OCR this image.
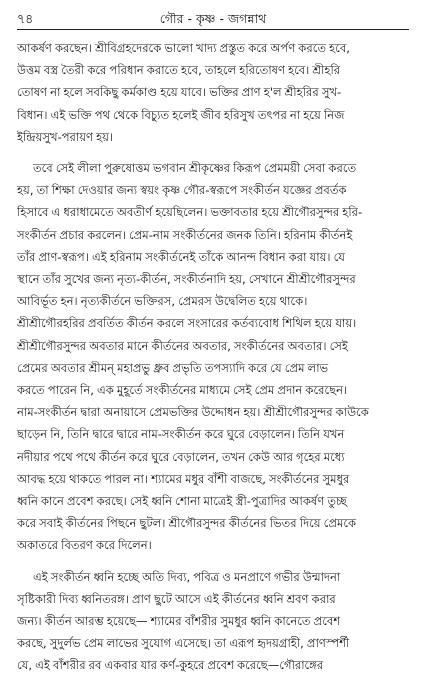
৭৪	গৌর - কৃষ্ণ - জগন্নাথ

আকর্ষণ করছেন। শ্রীবিগ্রহদেরকে ভালো খাদ্য প্রস্তুত করে অর্পণ করতে হবে,
উত্তম বস্ত্র তৈরী করে পরিধান করাতে হবে, তাহলে হরিতোষণ হবে। শ্রীহরি
তোষণ না হলে সবকিছু কর্মকাণ্ড হয়ে যাবে। ভক্তির প্রাণ হ'ল শ্রীহরির সুখ-
বিধান। এই ভক্তি পথ থেকে বিচ্যুত হলেই জীব হরিসুখ তৎপর না হয়ে নিজ
ইন্দ্রিয়সুখ-পরায়ণ হয়।

তবে সেই লীলা পুরুষোত্তম ভগবান শ্রীকৃষ্ণের কিরূপ প্রেমময়ী সেবা করতে
হয়, তা শিক্ষা দেওয়ার জন্য স্বয়ং কৃষ্ণ গৌর-স্বরূপে সংকীর্তন যজ্ঞের প্রবর্তক
হিসাবে এ ধরাধামেতে অবতীর্ণ হয়েছিলেন। ভক্তাবতার হয়ে শ্রীগৌরসুন্দর হরি-
সংকীর্তন প্রচার করলেন। প্রেম-নাম সংকীর্তনের জনক তিনি। হরিনাম কীর্তনই
তাঁর প্রাণ-স্বরূপ। এই হরিনাম সংকীর্তনেই তাঁকে আনন্দ বিধান করা যায়। যে
স্থানে তাঁর সুখের জন্য নৃত্য-কীর্তন, সংকীর্তনাদি হয়, সেখানে শ্রীশ্রীগৌরসুন্দর
আবির্ভূত হন। নৃত্যকীর্তনে ভক্তিরস, প্রেমরস উদ্বেলিত হয়ে থাকে।
শ্রীশ্রীগৌরহরির প্রবর্তিত কীর্তন করলে সংসারের কর্তব্যবোধ শিথিল হয়ে যায়।
শ্রীশ্রীগৌরসুন্দর অবতার মানে কীর্তনের অবতার, সংকীর্তনের অবতার। সেই
প্রেমের অবতার শ্রীমন্ মহাপ্রভু ধ্রুব প্রভৃতি তপস্যাদি করে যে প্রেম লাভ
করতে পারেন নি, এক মুহূর্তে সংকীর্তনের মাধ্যমে সেই প্রেম প্রদান করেছেন।
নাম-সংকীর্তন দ্বারা অনায়াসে প্রেমভক্তির উদ্দোধন হয়। শ্রীশ্রীগৌরসুন্দর কাউকে
ছাড়েন নি, তিনি দ্বারে দ্বারে নাম-সংকীর্তন করে ঘুরে বেড়ালেন। তিনি যখন
নদীয়ার পথে পথে কীর্তন করে ঘুরে বেড়ালেন, তখন কেউ আর গৃহের মধ্যে
আবদ্ধ হয়ে থাকতে পারল না। শ্যামের মধুর বাঁশী বাজছে, সংকীর্তনের সুমধুর
ধ্বনি কানে প্রবেশ করছে। সেই ধ্বনি শোনা মাত্রেই স্ত্রী-পুত্রাদির আকর্ষণ তুচ্ছ
করে সবাই কীর্তনের পিছনে ছুটল। শ্রীগৌরসুন্দর কীর্তনের ভিতর দিয়ে প্রেমকে
অকাতরে বিতরণ করে দিলেন।

এই সংকীর্তন ধ্বনি হচ্ছে অতি দিব্য, পবিত্র ও মনপ্রাণে গভীর উন্মাদনা
সৃষ্টিকারী দিব্য ধ্বনিতরঙ্গ। প্রাণ ছুটে আসে এই কীর্তনের ধ্বনি শ্রবণ করার
জন্য। কীর্তন আরম্ভ হয়েছে— শ্যামের বাঁশরীর সুমধুর ধ্বনি কানেতে প্রবেশ
করছে, সুদুর্লভ প্রেম লাভের সুযোগ এসেছে। তা এরূপ হৃদয়গ্রাহী, প্রাণস্পর্শী
যে, এই বাঁশরীর রব একবার যার কর্ণ-কুহরে প্রবেশ করেছে—গৌরাঙ্গের
